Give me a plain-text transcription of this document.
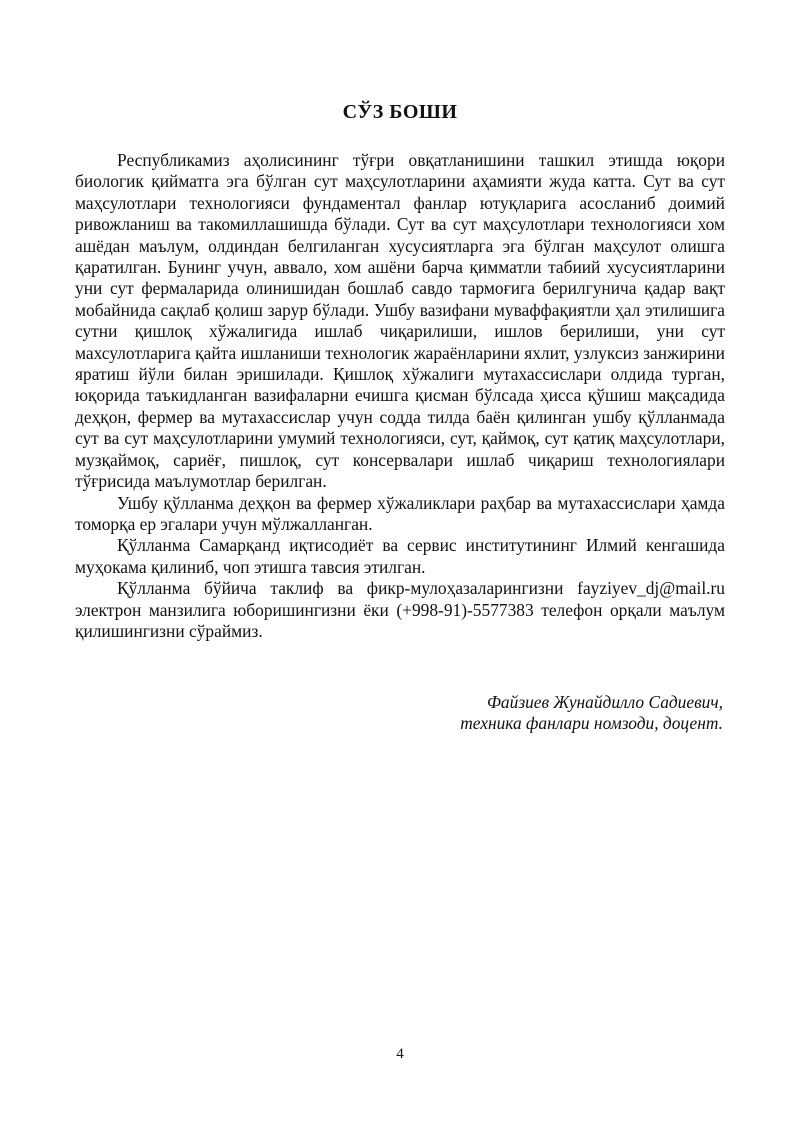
СЎЗ БОШИ

Республикамиз аҳолисининг тўғри овқатланишини ташкил этишда юқори биологик қийматга эга бўлган сут маҳсулотларини аҳамияти жуда катта. Сут ва сут маҳсулотлари технологияси фундаментал фанлар ютуқларига асосланиб доимий ривожланиш ва такомиллашишда бўлади. Сут ва сут маҳсулотлари технологияси хом ашёдан маълум, олдиндан белгиланган хусусиятларга эга бўлган маҳсулот олишга қаратилган. Бунинг учун, аввало, хом ашёни барча қимматли табиий хусусиятларини уни сут фермаларида олинишидан бошлаб савдо тармоғига берилгунича қадар вақт мобайнида сақлаб қолиш зарур бўлади. Ушбу вазифани муваффақиятли ҳал этилишига сутни қишлоқ хўжалигида ишлаб чиқарилиши, ишлов берилиши, уни сут махсулотларига қайта ишланиши технологик жараёнларини яхлит, узлуксиз занжирини яратиш йўли билан эришилади. Қишлоқ хўжалиги мутахассислари олдида турган, юқорида таъкидланган вазифаларни ечишга қисман бўлсада ҳисса қўшиш мақсадида деҳқон, фермер ва мутахассислар учун содда тилда баён қилинган ушбу қўлланмада сут ва сут маҳсулотларини умумий технологияси, сут, қаймоқ, сут қатиқ маҳсулотлари, музқаймоқ, сариёғ, пишлоқ, сут консервалари ишлаб чиқариш технологиялари тўғрисида маълумотлар берилган.

Ушбу қўлланма деҳқон ва фермер хўжаликлари раҳбар ва мутахассислари ҳамда томорқа ер эгалари учун мўлжалланган.

Қўлланма Самарқанд иқтисодиёт ва сервис институтининг Илмий кенгашида муҳокама қилиниб, чоп этишга тавсия этилган.

Қўлланма бўйича таклиф ва фикр-мулоҳазаларингизни fayziyev_dj@mail.ru электрон манзилига юборишингизни ёки (+998-91)-5577383 телефон орқали маълум қилишингизни сўраймиз.

Файзиев Жунайдилло Садиевич,
техника фанлари номзоди, доцент.
4
